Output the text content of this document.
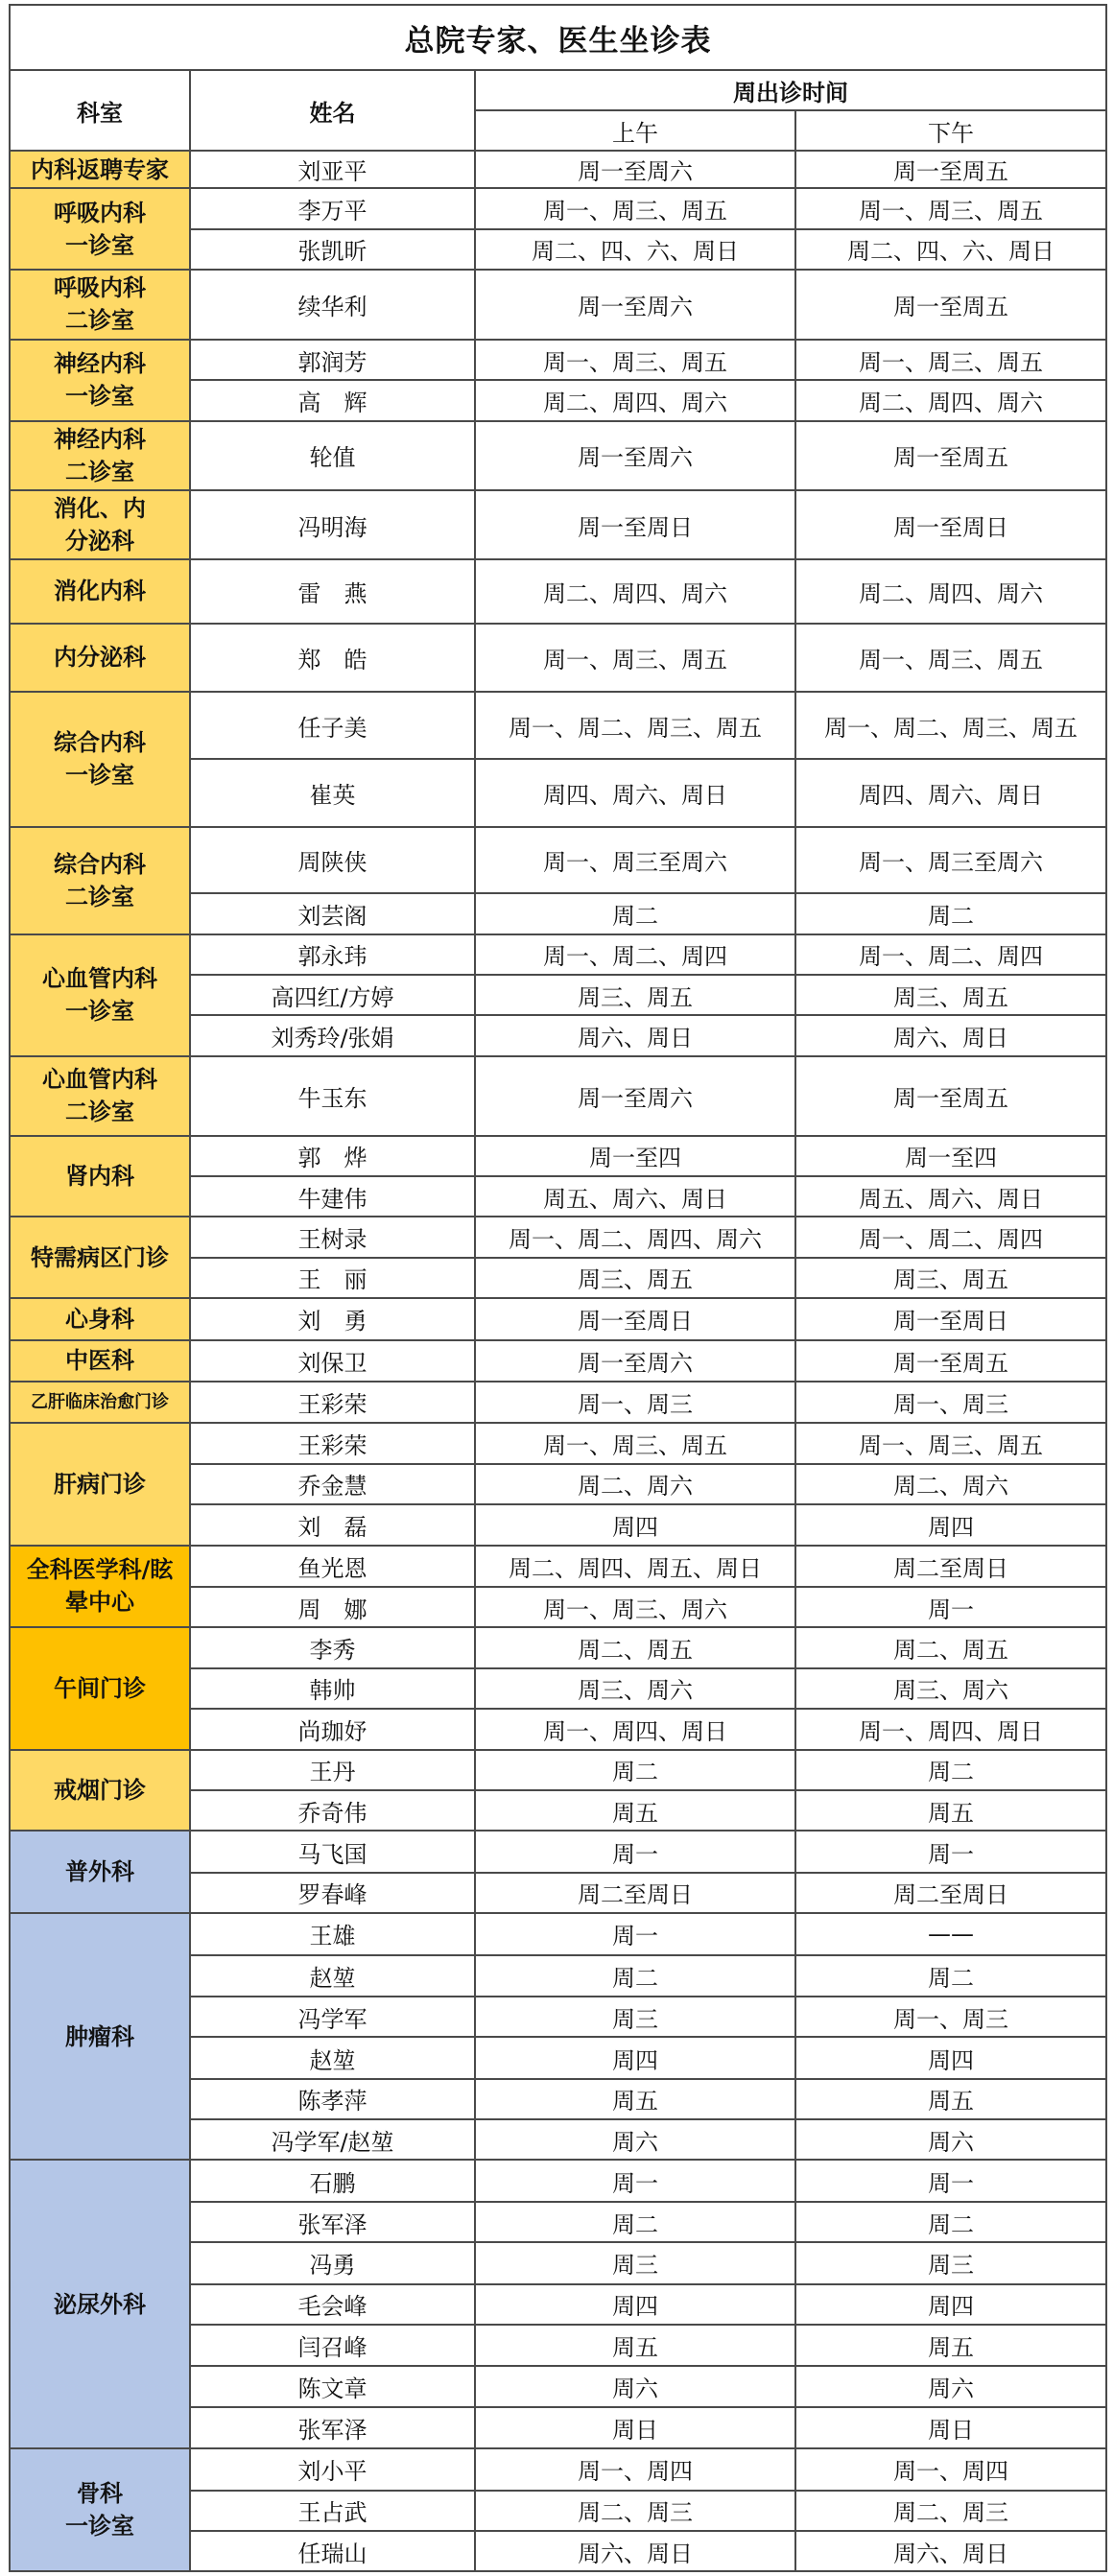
总院专家、医生坐诊表			
科室	姓名	周出诊时间	
		上午	下午
内科返聘专家	刘亚平	周一至周六	周一至周五
呼吸内科
一诊室	李万平	周一、周三、周五	周一、周三、周五
	张凯昕	周二、四、六、周日	周二、四、六、周日
呼吸内科
二诊室	续华利	周一至周六	周一至周五
神经内科
一诊室	郭润芳	周一、周三、周五	周一、周三、周五
	高　辉	周二、周四、周六	周二、周四、周六
神经内科
二诊室	轮值	周一至周六	周一至周五
消化、内
分泌科	冯明海	周一至周日	周一至周日
消化内科	雷　燕	周二、周四、周六	周二、周四、周六
内分泌科	郑　皓	周一、周三、周五	周一、周三、周五
综合内科
一诊室	任子美	周一、周二、周三、周五	周一、周二、周三、周五
	崔英	周四、周六、周日	周四、周六、周日
综合内科
二诊室	周陕侠	周一、周三至周六	周一、周三至周六
	刘芸阁	周二	周二
心血管内科
一诊室	郭永玮	周一、周二、周四	周一、周二、周四
	高四红/方婷	周三、周五	周三、周五
	刘秀玲/张娟	周六、周日	周六、周日
心血管内科
二诊室	牛玉东	周一至周六	周一至周五
肾内科	郭　烨	周一至四	周一至四
	牛建伟	周五、周六、周日	周五、周六、周日
特需病区门诊	王树录	周一、周二、周四、周六	周一、周二、周四
	王　丽	周三、周五	周三、周五
心身科	刘　勇	周一至周日	周一至周日
中医科	刘保卫	周一至周六	周一至周五
乙肝临床治愈门诊	王彩荣	周一、周三	周一、周三
肝病门诊	王彩荣	周一、周三、周五	周一、周三、周五
	乔金慧	周二、周六	周二、周六
	刘　磊	周四	周四
全科医学科/眩
晕中心	鱼光恩	周二、周四、周五、周日	周二至周日
	周　娜	周一、周三、周六	周一
午间门诊	李秀	周二、周五	周二、周五
	韩帅	周三、周六	周三、周六
	尚珈妤	周一、周四、周日	周一、周四、周日
戒烟门诊	王丹	周二	周二
	乔奇伟	周五	周五
普外科	马飞国	周一	周一
	罗春峰	周二至周日	周二至周日
肿瘤科	王雄	周一	——
	赵堃	周二	周二
	冯学军	周三	周一、周三
	赵堃	周四	周四
	陈孝萍	周五	周五
	冯学军/赵堃	周六	周六
泌尿外科	石鹏	周一	周一
	张军泽	周二	周二
	冯勇	周三	周三
	毛会峰	周四	周四
	闫召峰	周五	周五
	陈文章	周六	周六
	张军泽	周日	周日
骨科
一诊室	刘小平	周一、周四	周一、周四
	王占武	周二、周三	周二、周三
	任瑞山	周六、周日	周六、周日
